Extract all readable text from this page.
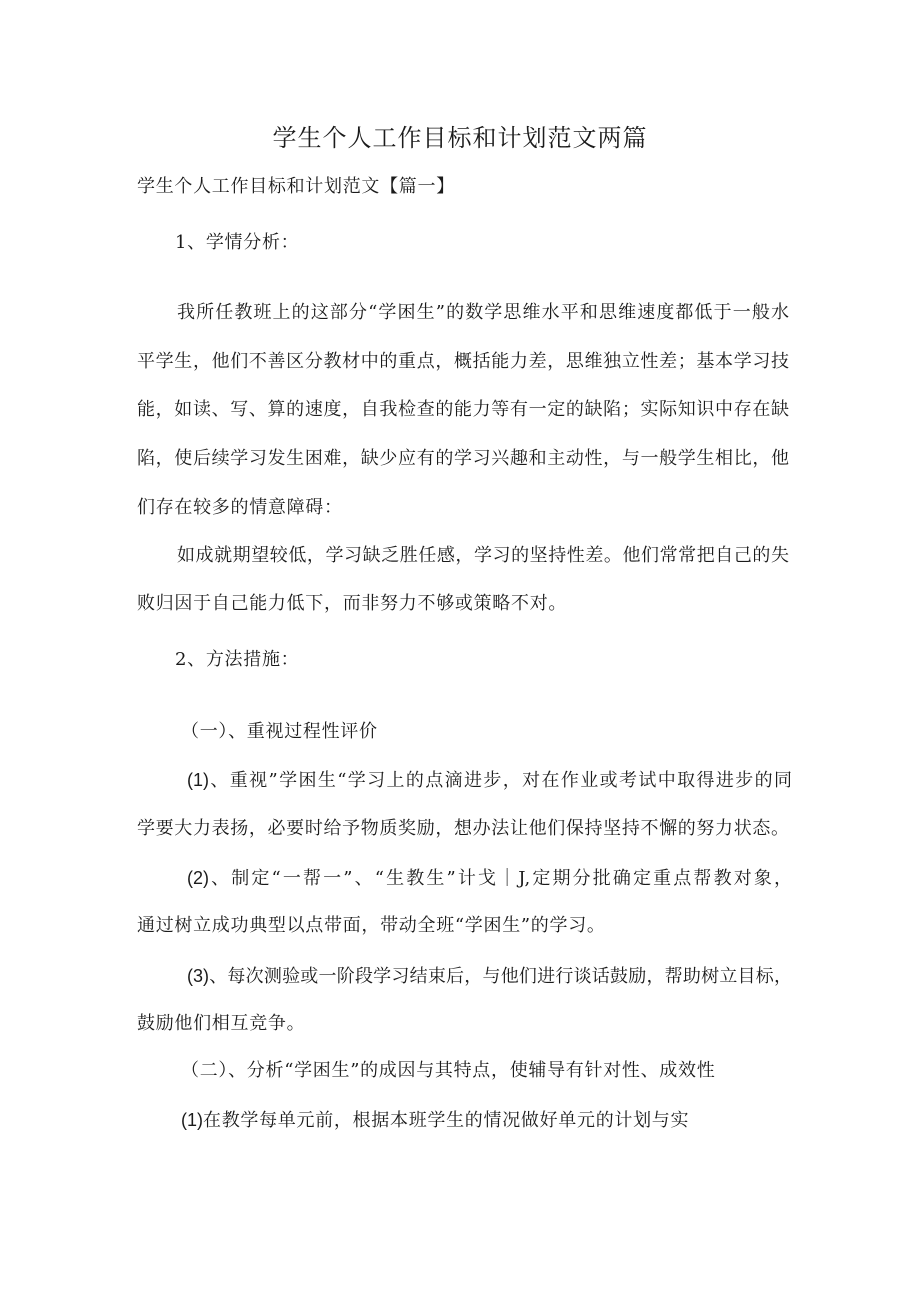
学生个人工作目标和计划范文两篇
学生个人工作目标和计划范文【篇一】
1、学情分析：
我所任教班上的这部分“学困生”的数学思维水平和思维速度都低于一般水
平学生，他们不善区分教材中的重点，概括能力差，思维独立性差；基本学习技
能，如读、写、算的速度，自我检查的能力等有一定的缺陷；实际知识中存在缺
陷，使后续学习发生困难，缺少应有的学习兴趣和主动性，与一般学生相比，他
们存在较多的情意障碍：
如成就期望较低，学习缺乏胜任感，学习的坚持性差。他们常常把自己的失
败归因于自己能力低下，而非努力不够或策略不对。
2、方法措施：
（一）、重视过程性评价
(1)、重视”学困生“学习上的点滴进步，对在作业或考试中取得进步的同
学要大力表扬，必要时给予物质奖励，想办法让他们保持坚持不懈的努力状态。
(2)、制定“一帮一”、“生教生”计戈｜J,定期分批确定重点帮教对象，
通过树立成功典型以点带面，带动全班“学困生”的学习。
(3)、每次测验或一阶段学习结束后，与他们进行谈话鼓励，帮助树立目标，
鼓励他们相互竞争。
（二）、分析“学困生”的成因与其特点，使辅导有针对性、成效性
(1)在教学每单元前，根据本班学生的情况做好单元的计划与实
